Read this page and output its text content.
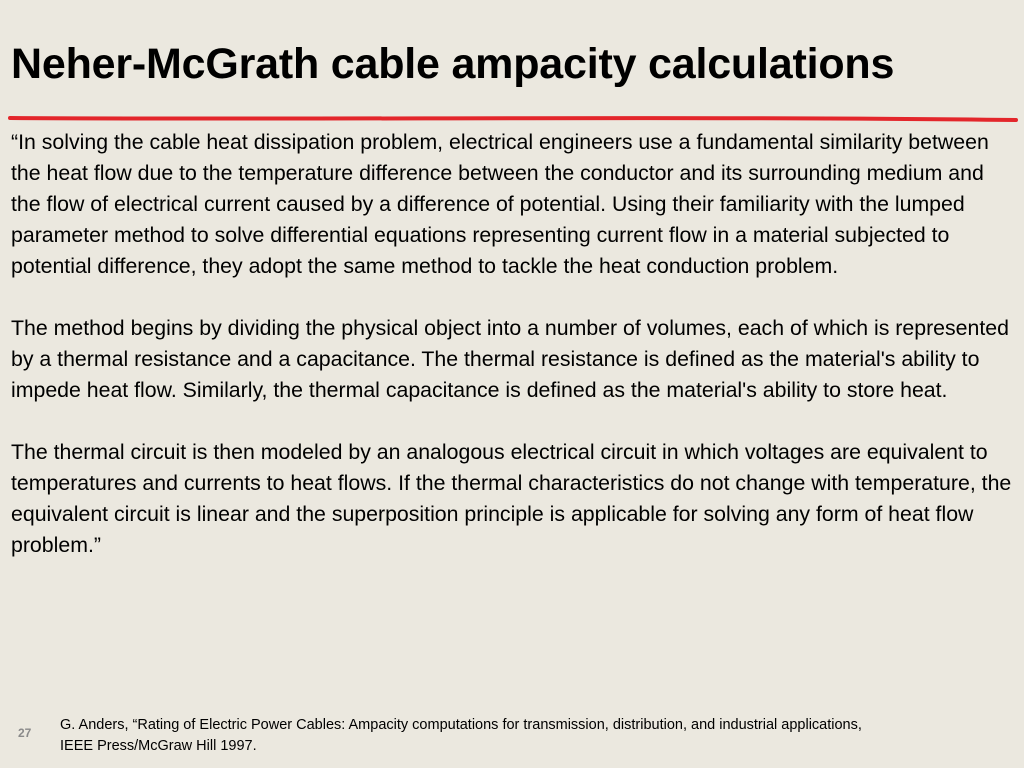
Neher-McGrath cable ampacity calculations

“In solving the cable heat dissipation problem, electrical engineers use a fundamental similarity between the heat flow due to the temperature difference between the conductor and its surrounding medium and the flow of electrical current caused by a difference of potential. Using their familiarity with the lumped parameter method to solve differential equations representing current flow in a material subjected to potential difference, they adopt the same method to tackle the heat conduction problem.

The method begins by dividing the physical object into a number of volumes, each of which is represented by a thermal resistance and a capacitance. The thermal resistance is defined as the material's ability to impede heat flow. Similarly, the thermal capacitance is defined as the material's ability to store heat.

The thermal circuit is then modeled by an analogous electrical circuit in which voltages are equivalent to temperatures and currents to heat flows. If the thermal characteristics do not change with temperature, the equivalent circuit is linear and the superposition principle is applicable for solving any form of heat flow problem.”

27 G. Anders, “Rating of Electric Power Cables: Ampacity computations for transmission, distribution, and industrial applications,
IEEE Press/McGraw Hill 1997.
